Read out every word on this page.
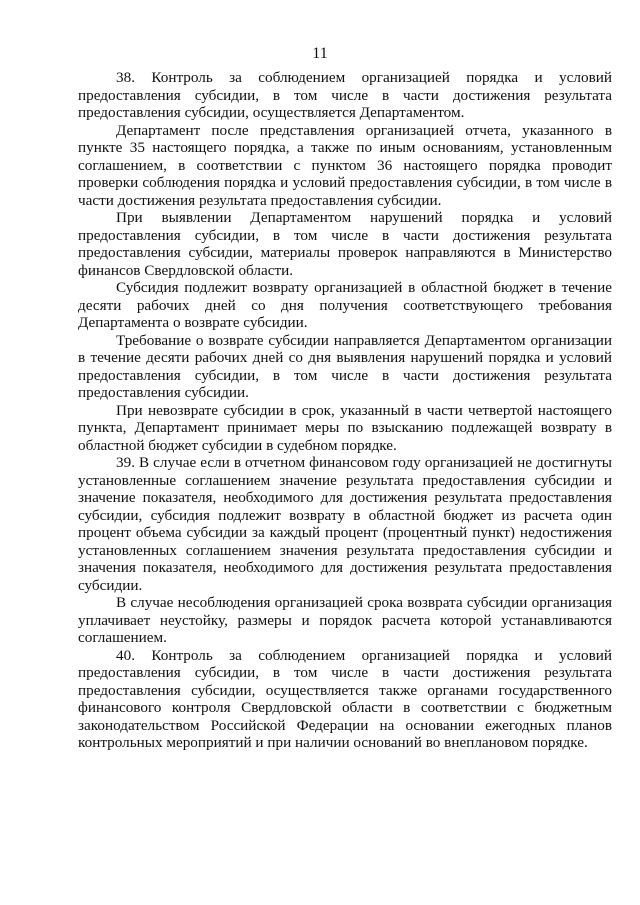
11

38. Контроль за соблюдением организацией порядка и условий предоставления субсидии, в том числе в части достижения результата предоставления субсидии, осуществляется Департаментом.

Департамент после представления организацией отчета, указанного в пункте 35 настоящего порядка, а также по иным основаниям, установленным соглашением, в соответствии с пунктом 36 настоящего порядка проводит проверки соблюдения порядка и условий предоставления субсидии, в том числе в части достижения результата предоставления субсидии.

При выявлении Департаментом нарушений порядка и условий предоставления субсидии, в том числе в части достижения результата предоставления субсидии, материалы проверок направляются в Министерство финансов Свердловской области.

Субсидия подлежит возврату организацией в областной бюджет в течение десяти рабочих дней со дня получения соответствующего требования Департамента о возврате субсидии.

Требование о возврате субсидии направляется Департаментом организации в течение десяти рабочих дней со дня выявления нарушений порядка и условий предоставления субсидии, в том числе в части достижения результата предоставления субсидии.

При невозврате субсидии в срок, указанный в части четвертой настоящего пункта, Департамент принимает меры по взысканию подлежащей возврату в областной бюджет субсидии в судебном порядке.

39. В случае если в отчетном финансовом году организацией не достигнуты установленные соглашением значение результата предоставления субсидии и значение показателя, необходимого для достижения результата предоставления субсидии, субсидия подлежит возврату в областной бюджет из расчета один процент объема субсидии за каждый процент (процентный пункт) недостижения установленных соглашением значения результата предоставления субсидии и значения показателя, необходимого для достижения результата предоставления субсидии.

В случае несоблюдения организацией срока возврата субсидии организация уплачивает неустойку, размеры и порядок расчета которой устанавливаются соглашением.

40. Контроль за соблюдением организацией порядка и условий предоставления субсидии, в том числе в части достижения результата предоставления субсидии, осуществляется также органами государственного финансового контроля Свердловской области в соответствии с бюджетным законодательством Российской Федерации на основании ежегодных планов контрольных мероприятий и при наличии оснований во внеплановом порядке.
